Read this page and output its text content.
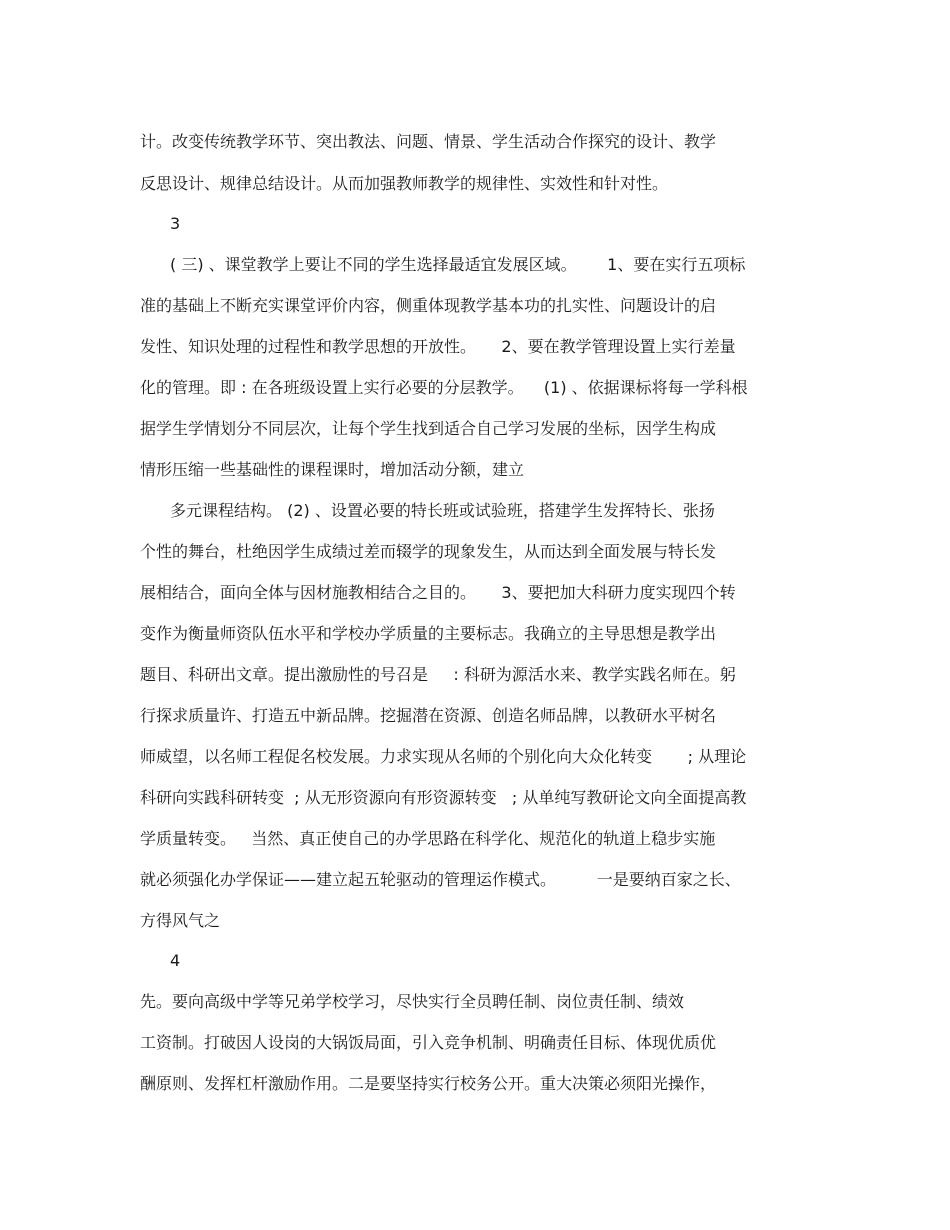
计。改变传统教学环节、突出教法、问题、情景、学生活动合作探究的设计、教学

反思设计、规律总结设计。从而加强教师教学的规律性、实效性和针对性。

3

( 三) 、课堂教学上要让不同的学生选择最适宜发展区域。      1、要在实行五项标

准的基础上不断充实课堂评价内容，侧重体现教学基本功的扎实性、问题设计的启

发性、知识处理的过程性和教学思想的开放性。     2、要在教学管理设置上实行差量

化的管理。即 : 在各班级设置上实行必要的分层教学。    (1) 、依据课标将每一学科根

据学生学情划分不同层次，让每个学生找到适合自己学习发展的坐标，因学生构成

情形压缩一些基础性的课程课时，增加活动分额，建立

多元课程结构。 (2) 、设置必要的特长班或试验班，搭建学生发挥特长、张扬

个性的舞台，杜绝因学生成绩过差而辍学的现象发生，从而达到全面发展与特长发

展相结合，面向全体与因材施教相结合之目的。     3、要把加大科研力度实现四个转

变作为衡量师资队伍水平和学校办学质量的主要标志。我确立的主导思想是教学出

题目、科研出文章。提出激励性的号召是     : 科研为源活水来、教学实践名师在。躬

行探求质量许、打造五中新品牌。挖掘潜在资源、创造名师品牌，以教研水平树名

师威望，以名师工程促名校发展。力求实现从名师的个别化向大众化转变       ; 从理论

科研向实践科研转变  ; 从无形资源向有形资源转变   ; 从单纯写教研论文向全面提高教

学质量转变。   当然、真正使自己的办学思路在科学化、规范化的轨道上稳步实施

就必须强化办学保证——建立起五轮驱动的管理运作模式。        一是要纳百家之长、

方得风气之

4

先。要向高级中学等兄弟学校学习，尽快实行全员聘任制、岗位责任制、绩效

工资制。打破因人设岗的大锅饭局面，引入竞争机制、明确责任目标、体现优质优

酬原则、发挥杠杆激励作用。二是要坚持实行校务公开。重大决策必须阳光操作，
